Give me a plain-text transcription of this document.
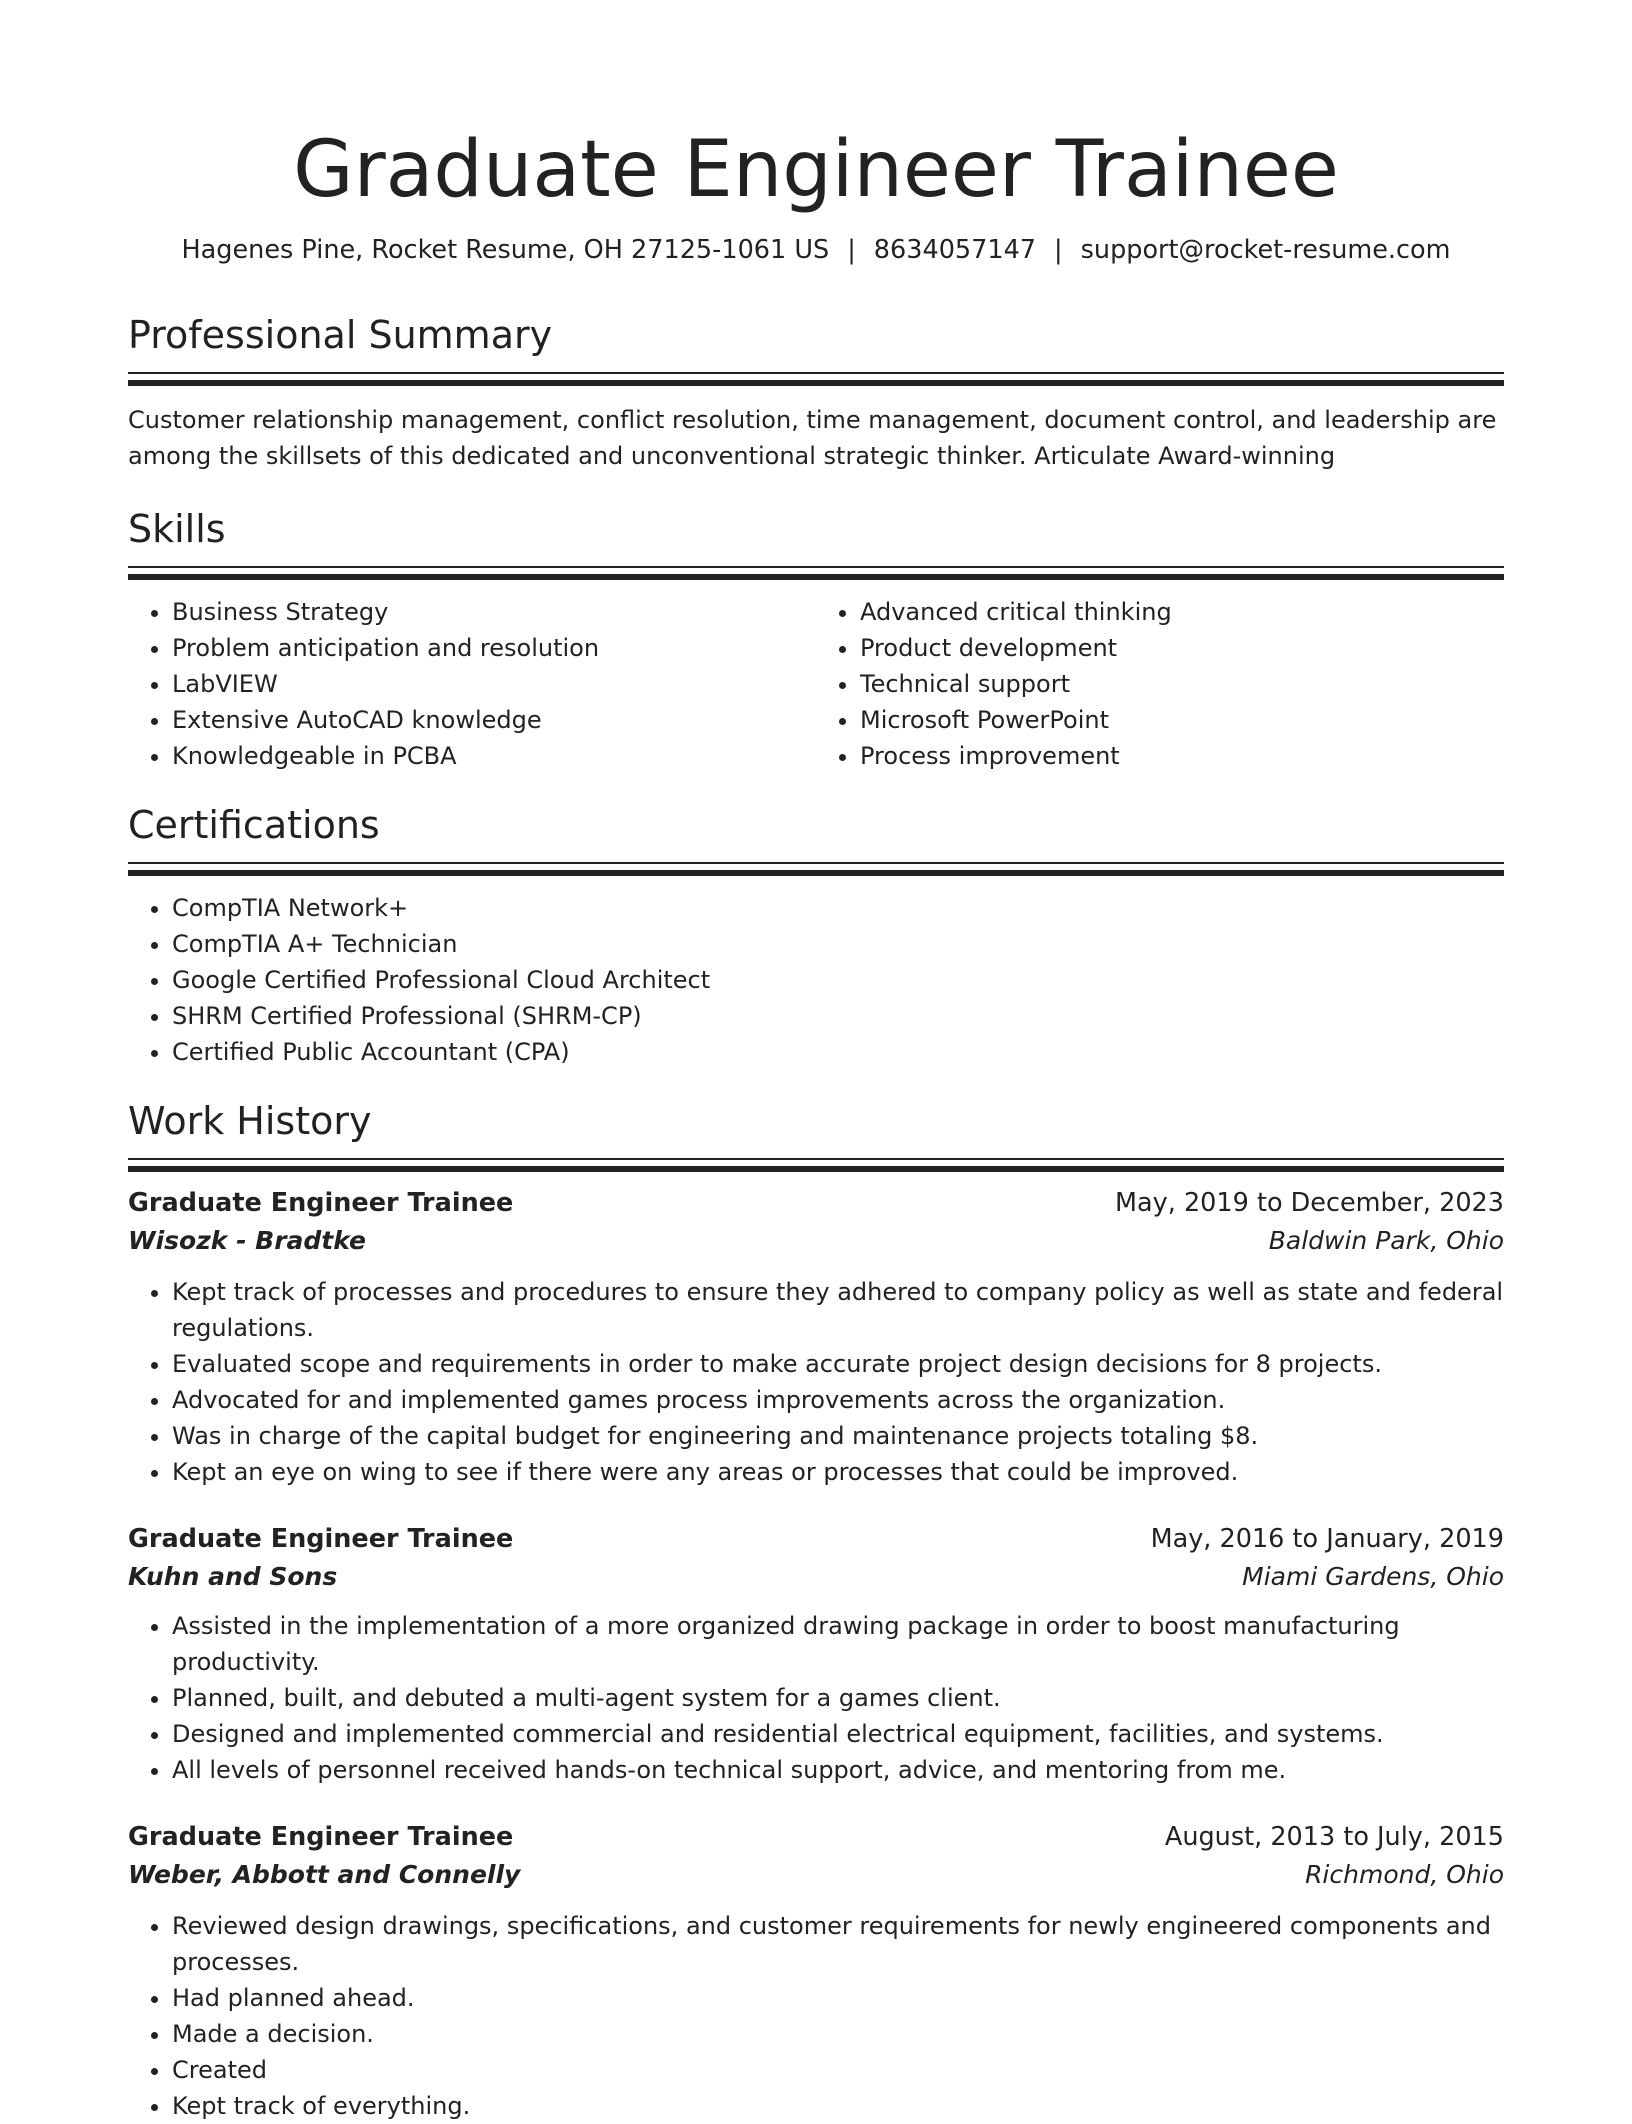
Graduate Engineer Trainee
Hagenes Pine, Rocket Resume, OH 27125-1061 US | 8634057147 | support@rocket-resume.com
Professional Summary
Customer relationship management, conflict resolution, time management, document control, and leadership are among the skillsets of this dedicated and unconventional strategic thinker. Articulate Award-winning
Skills
• Business Strategy
• Problem anticipation and resolution
• LabVIEW
• Extensive AutoCAD knowledge
• Knowledgeable in PCBA
• Advanced critical thinking
• Product development
• Technical support
• Microsoft PowerPoint
• Process improvement
Certifications
• CompTIA Network+
• CompTIA A+ Technician
• Google Certified Professional Cloud Architect
• SHRM Certified Professional (SHRM-CP)
• Certified Public Accountant (CPA)
Work History
Graduate Engineer Trainee	May, 2019 to December, 2023
Wisozk - Bradtke	Baldwin Park, Ohio
• Kept track of processes and procedures to ensure they adhered to company policy as well as state and federal regulations.
• Evaluated scope and requirements in order to make accurate project design decisions for 8 projects.
• Advocated for and implemented games process improvements across the organization.
• Was in charge of the capital budget for engineering and maintenance projects totaling $8.
• Kept an eye on wing to see if there were any areas or processes that could be improved.
Graduate Engineer Trainee	May, 2016 to January, 2019
Kuhn and Sons	Miami Gardens, Ohio
• Assisted in the implementation of a more organized drawing package in order to boost manufacturing productivity.
• Planned, built, and debuted a multi-agent system for a games client.
• Designed and implemented commercial and residential electrical equipment, facilities, and systems.
• All levels of personnel received hands-on technical support, advice, and mentoring from me.
Graduate Engineer Trainee	August, 2013 to July, 2015
Weber, Abbott and Connelly	Richmond, Ohio
• Reviewed design drawings, specifications, and customer requirements for newly engineered components and processes.
• Had planned ahead.
• Made a decision.
• Created
• Kept track of everything.
